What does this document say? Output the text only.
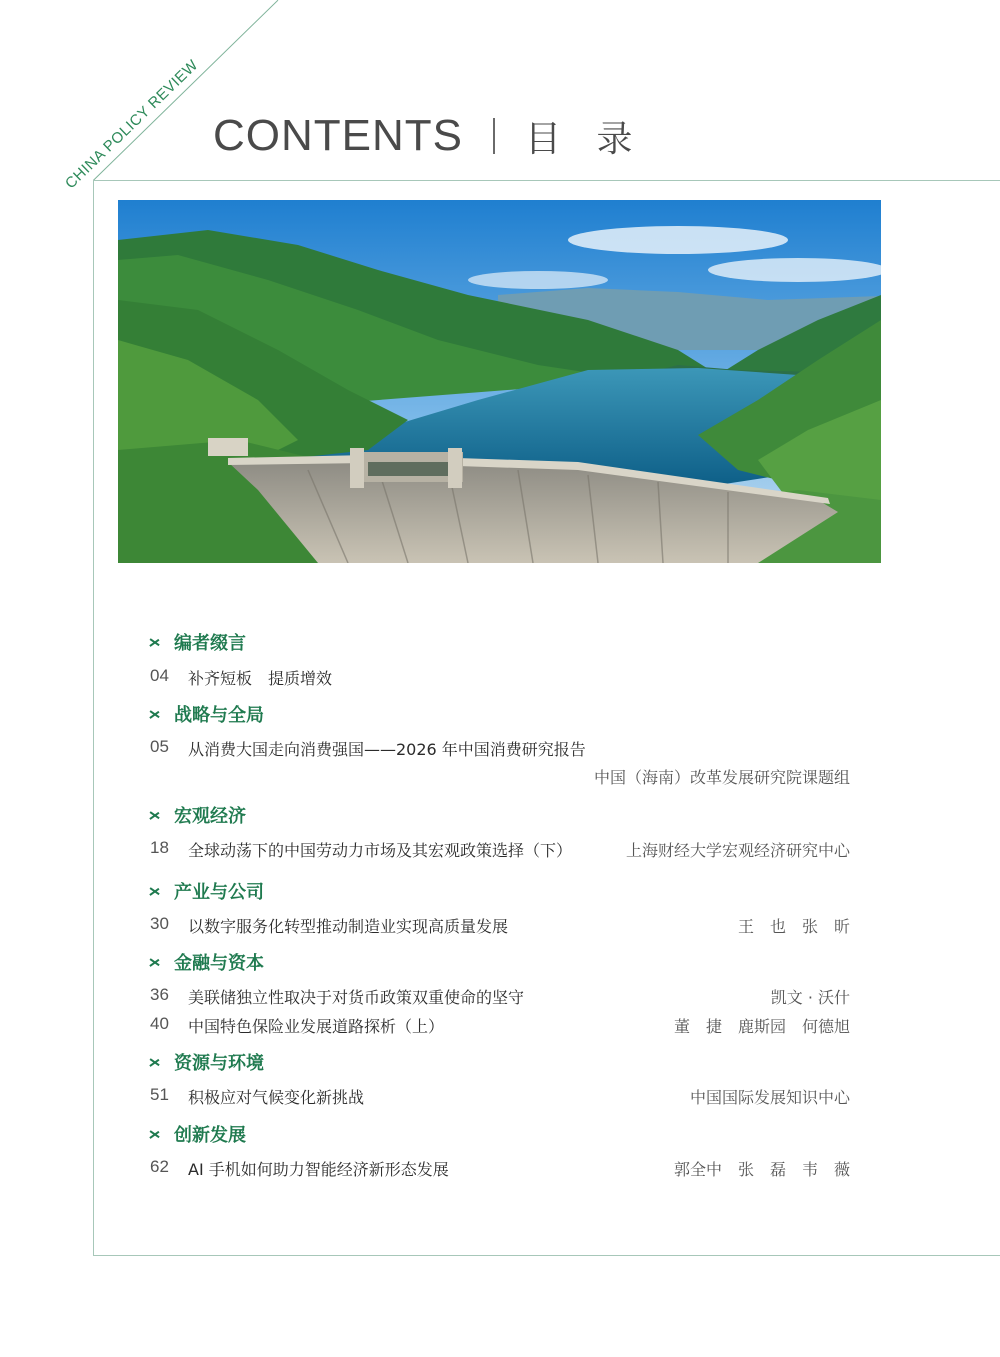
CHINA POLICY REVIEW CONTENTS 目 录
编者缀言
04	补齐短板　提质增效
战略与全局
05	从消费大国走向消费强国——2026 年中国消费研究报告
中国（海南）改革发展研究院课题组
宏观经济
18	全球动荡下的中国劳动力市场及其宏观政策选择（下）	上海财经大学宏观经济研究中心
产业与公司
30	以数字服务化转型推动制造业实现高质量发展	王　也　张　昕
金融与资本
36	美联储独立性取决于对货币政策双重使命的坚守	凯文 · 沃什
40	中国特色保险业发展道路探析（上）	董　捷　鹿斯园　何德旭
资源与环境
51	积极应对气候变化新挑战	中国国际发展知识中心
创新发展
62	AI 手机如何助力智能经济新形态发展	郭全中　张　磊　韦　薇
